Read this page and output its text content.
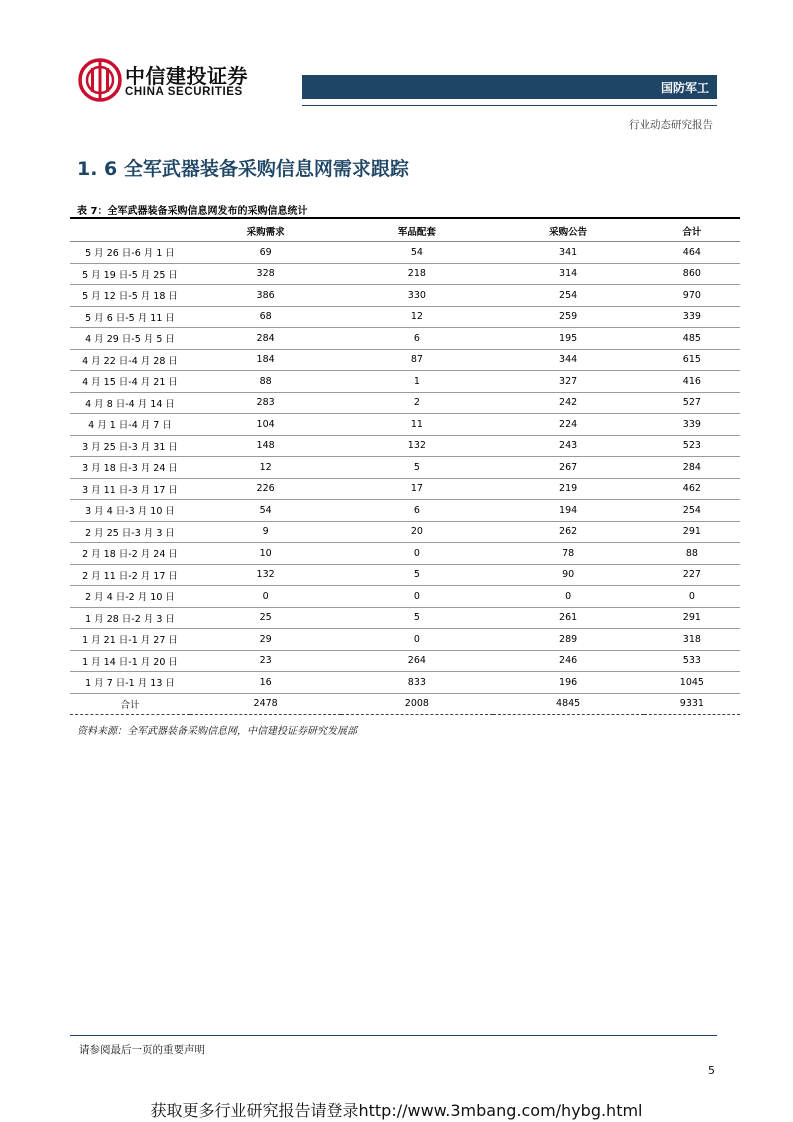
中信建投证券
CHINA SECURITIES	国防军工
行业动态研究报告
1. 6 全军武器装备采购信息网需求跟踪
表 7：全军武器装备采购信息网发布的采购信息统计
	采购需求	军品配套	采购公告	合计
5 月 26 日-6 月 1 日	69	54	341	464
5 月 19 日-5 月 25 日	328	218	314	860
5 月 12 日-5 月 18 日	386	330	254	970
5 月 6 日-5 月 11 日	68	12	259	339
4 月 29 日-5 月 5 日	284	6	195	485
4 月 22 日-4 月 28 日	184	87	344	615
4 月 15 日-4 月 21 日	88	1	327	416
4 月 8 日-4 月 14 日	283	2	242	527
4 月 1 日-4 月 7 日	104	11	224	339
3 月 25 日-3 月 31 日	148	132	243	523
3 月 18 日-3 月 24 日	12	5	267	284
3 月 11 日-3 月 17 日	226	17	219	462
3 月 4 日-3 月 10 日	54	6	194	254
2 月 25 日-3 月 3 日	9	20	262	291
2 月 18 日-2 月 24 日	10	0	78	88
2 月 11 日-2 月 17 日	132	5	90	227
2 月 4 日-2 月 10 日	0	0	0	0
1 月 28 日-2 月 3 日	25	5	261	291
1 月 21 日-1 月 27 日	29	0	289	318
1 月 14 日-1 月 20 日	23	264	246	533
1 月 7 日-1 月 13 日	16	833	196	1045
合计	2478	2008	4845	9331
资料来源：全军武器装备采购信息网，中信建投证券研究发展部
请参阅最后一页的重要声明
5
获取更多行业研究报告请登录http://www.3mbang.com/hybg.html
